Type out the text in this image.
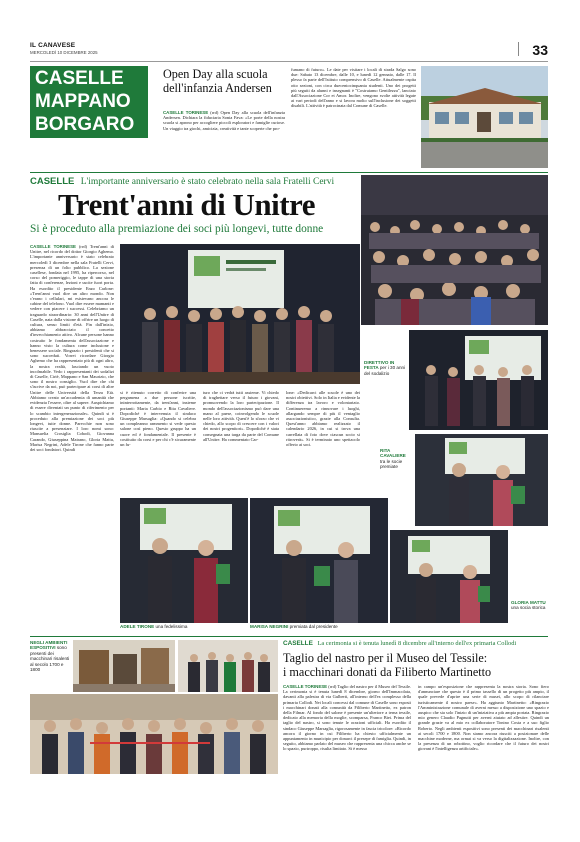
IL CANAVESE
MERCOLEDÌ 10 DICEMBRE 2025	33
CASELLE
MAPPANO
BORGARO
Open Day alla scuola dell'infanzia Andersen
CASELLE TORINESE (rrd) Open Day alla scuola dell'infanzia Andersen. Dichiara la fiduciaria Sonia Fava: «Le porte della nostra scuola si aprono per accogliere piccoli esploratori e famiglie curiose. Un viaggio tra giochi, amicizia, creatività e tante scoperte che pro-
fumano di futuro». Le date per visitare i locali di strada Salgo sono due: Sabato 13 dicembre, dalle 10, e lunedì 12 gennaio, dalle 17. Il plesso fa parte dell'Istituto comprensivo di Caselle. Attualmente ospita otto sezioni, con circa duecentocinquanta studenti. Uno dei progetti più seguiti da alunni e insegnanti è "Costruiamo Gentilezza", lanciato dall'Associazione Cor et Amor. Inoltre, vengono svolte attività legate ai vari periodi dell'anno e si lavora molto sull'inclusione dei soggetti disabili. L'attività è patrocinata dal Comune di Caselle.
CASELLE L'importante anniversario è stato celebrato nella sala Fratelli Cervi
Trent'anni di Unitre
Si è proceduto alla premiazione dei soci più longevi, tutte donne
CASELLE TORINESE (rrd) Trent'anni di Unitre, nel ricordo del dottor Giorgio Aghemo. L'importante anniversario è stato celebrato mercoledì 3 dicembre nella sala Fratelli Cervi, presenza di un folto pubblico. La sezione casellese, fondata nel 1995, ha ripercorso, nel corso del pomeriggio, le tappe di una storia fatta di conferenze, lezioni e uscite fuori porta. Ha esordito il presidente Enzo Carlone: «Trent'anni vuol dire un altro mondo. Non c'erano i cellulari, mi esistevano ancora le cabine del telefono. Vuol dire essere mamanti e vedere con piacere i successi. Celebriamo un traguardo straordinario: 30 anni dell'Unitre di Caselle, nata dalla visione di offrire un luogo di cultura, senso limiti d'età. Fin dall'inizio, abbiamo abbracciato il concetto d'invecchiamento attivo. Alcune persone hanno costruito le fondamenta dell'associazione e hanno visto la cultura come inclusione e benessere sociale. Ringrazio i presidenti che si sono succeduti. Vorrei ricordare Giorgio Aghemo che ha rappresentato più di ogni altro, la nostra realtà, lasciando un vuoto incolmabile. Vedo i rappresentanti dei sodalizi di Caselle, Ciriè, Mappano e San Maurizio, che sono il nostro consiglio. Vuol dire che chi s'iscrive da noi, può partecipare ai corsi di altre Unitre delle Università della Terza Età. Abbiamo creato un'accademia di umanità che evidenzia l'essere, oltre al sapere. Auspichiamo di essere diventati un punto di riferimento per lo scambio intergenerazionale». Quindi si è proceduto alla premiazione dei soci più longevi, tutte donne. Parecchie non sono riuscite a presenziare. I loro nomi sono: Mansuelia Crosiglia Cobodi, Giovanna Carando, Giuseppina Mairano, Gloria Mattu, Marisa Negrini, Adele Tirone che fanno parte dei soci fondatori. Quindi
si è ritenuto corretto di conferire una pergamena a due persone iscritte, ininterrottamente, da trent'anni, insieme portanti: Maria Carbio e Rita Cavaliere. Dopodiché è intervenuta il sindaco Giuseppe Marsaglia: «Quando si celebra un compleanno rammento si vede questo salone così pieno. Questo gruppo ha un cuore ed è fondamentale. Il presente è costituito da corsi e per chi c'è sicuramente un fu-
turo che ci vedrà tutti assieme. Vi chiedo di traghettare verso il futuro i giovani, promuovendo la loro partecipazione. Il mondo dell'associazionismo può dare una mano al paese, coinvolgendo le scuole nelle loro attività. Quest'è lo sforzo che vi chiedo, allo scopo di crescere con i valori dei nostri progenitori». Dopodiché è stata consegnata una targa da parte del Comune all'Unitre. Ha commentato Car-
lone: «Dedicarci alle scuole è uno dei nostri obiettivi. Solo in Italia e evidente la differenza tra lavoro e volontariato. Continueremo a rinnovare i luoghi, allargando sempre di più il ventaglio associazionistico, grazie alla Consulta. Quest'anno abbiamo realizzato il calendario 2026, in cui si trova una carrellata di foto dove ciascun socio si ritroverà». Si è terminato uno spettacolo offerto ai soci.
DIRETTIVO IN FESTA per i 30 anni del sodalizio
RITA CAVALIERE tra le socie premiate
ADELE TIRONE una fedelissima	MARISA NEGRINI premiata dal presidente
GLORIA MATTU una socia storica
NEGLI AMBIENTI ESPOSITIVI sono presenti dei macchinari risalenti al secolo 1700 e 1800
CASELLE La cerimonia si è tenuta lunedì 8 dicembre all'interno dell'ex primaria Collodi
Taglio del nastro per il Museo del Tessile:
i macchinari donati da Filiberto Martinetto
CASELLE TORINESE (rrd) Taglio del nastro per il Museo del Tessile. La cerimonia si è tenuta lunedì 8 dicembre, giorno dell'Immacolata, davanti alla palestra di via Gulberti, all'interno dell'ex complesso della primaria Collodi. Nei locali concessi dal comune di Caselle sono esposti i macchinari donati alla comunità da Filiberto Martinetto, ex patron della Filmar. Al fondo del salone è presente un'ulteriore a terna tessile, dedicato alla memoria della moglie, scomparsa, Franco Biei. Prima del taglio del nastro, si sono tenute le orazioni ufficiali. Ha esordito il sindaco Giuseppe Marsaglia, rigorosamente in fascia tricolore: «Ricordo ancora il giorno in cui Filiberto ha chiesto ufficialmente un appuntamento in municipio per donarci il presepe di famiglia. Quindi, in seguito, abbiamo parlato del museo che rappresenta una chicca anche se lo spazio, purtroppo, risulta limitato. Si è messo
in campo un'esposizione che rappresenta la nostra storia. Sono fiero d'annunciare che questo è il primo tassello di un progetto più ampio, il quale prevede d'aprire una serie di musei, allo scopo di rilanciare turisticamente il nostro paese». Ha aggiunto Martinetto: «Ringrazio l'Amministrazione comunale di averni messo a disposizione uno spazio e auspico che sia solo l'inizio di un'iniziativa a più ampia portata. Ringrazio mio genero Claudio Pagnutti per averni aiutato ad allestire. Quindi un grande grazie va al mio ex collaboratore Tonino Costa e a suo figlio Roberto. Negli ambienti espositivi sono presenti dei macchinari risalenti ai secoli 1700 e 1800. Non siamo ancora riusciti a posizionare delle macchine moderne, ma ormai si va verso la digitalizzazione. Inoltre, con la presenza di un robottino, voglio ricordare che il futuro dei nostri giovani è l'intelligenza artificiale».
